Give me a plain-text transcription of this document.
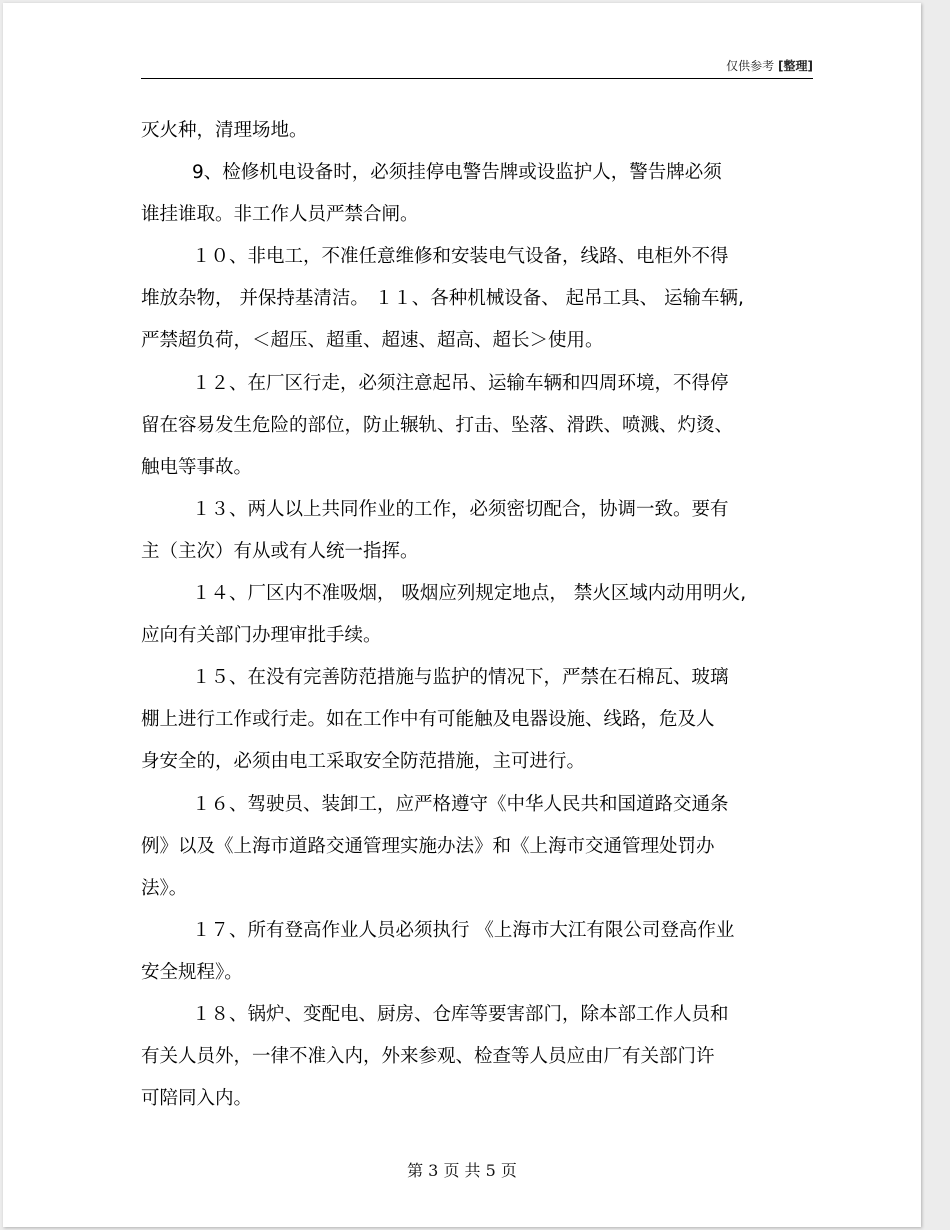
仅供参考 [整理]
灭火种，清理场地。
9、检修机电设备时，必须挂停电警告牌或设监护人，警告牌必须
谁挂谁取。非工作人员严禁合闸。
１０、非电工，不准任意维修和安装电气设备，线路、电柜外不得
堆放杂物， 并保持基清洁。 １１、各种机械设备、 起吊工具、 运输车辆,
严禁超负荷，＜超压、超重、超速、超高、超长＞使用。
１２、在厂区行走，必须注意起吊、运输车辆和四周环境，不得停
留在容易发生危险的部位，防止辗轨、打击、坠落、滑跌、喷溅、灼烫、
触电等事故。
１３、两人以上共同作业的工作，必须密切配合，协调一致。要有
主（主次）有从或有人统一指挥。
１４、厂区内不准吸烟， 吸烟应列规定地点， 禁火区域内动用明火,
应向有关部门办理审批手续。
１５、在没有完善防范措施与监护的情况下，严禁在石棉瓦、玻璃
棚上进行工作或行走。如在工作中有可能触及电器设施、线路，危及人
身安全的，必须由电工采取安全防范措施，主可进行。
１６、驾驶员、装卸工，应严格遵守《中华人民共和国道路交通条
例》以及《上海市道路交通管理实施办法》和《上海市交通管理处罚办
法》。
１７、所有登高作业人员必须执行 《上海市大江有限公司登高作业
安全规程》。
１８、锅炉、变配电、厨房、仓库等要害部门，除本部工作人员和
有关人员外，一律不准入内，外来参观、检查等人员应由厂有关部门许
可陪同入内。
第 3 页 共 5 页
